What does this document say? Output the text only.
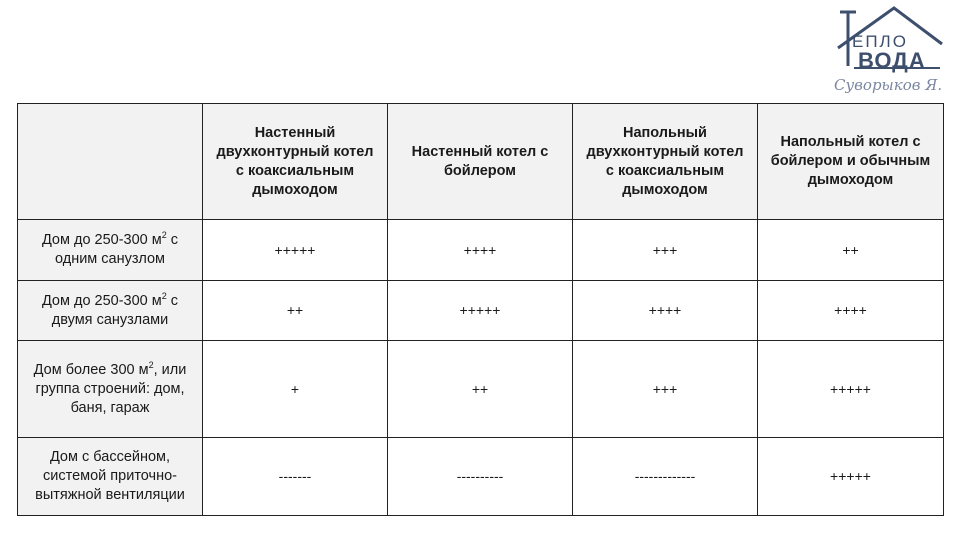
ЕПЛО
ВОДА
Суворыков Я.
	Настенный двухконтурный котел с коаксиальным дымоходом	Настенный котел с бойлером	Напольный двухконтурный котел с коаксиальным дымоходом	Напольный котел с бойлером и обычным дымоходом
Дом до 250-300 $м^2$ с одним санузлом	+++++	++++	+++	++
Дом до 250-300 $м^2$ с двумя санузлами	++	+++++	++++	++++
Дом более 300 $м^2$, или группа строений: дом, баня, гараж	+	++	+++	+++++
Дом с бассейном, системой приточно-вытяжной вентиляции	-------	----------	-------------	+++++
